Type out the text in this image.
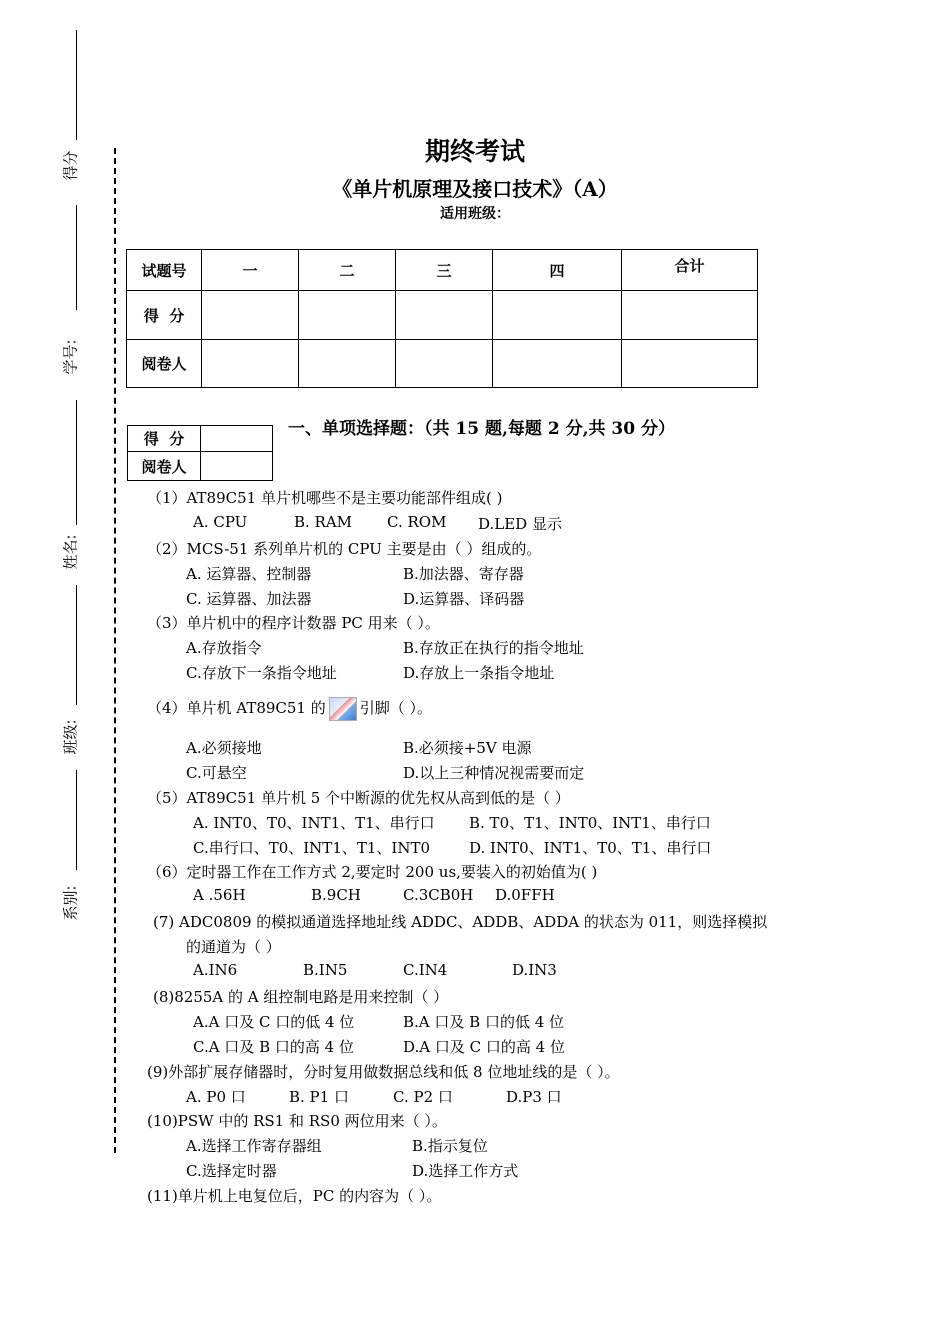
得分
学号:
姓名:
班级:
系别:
期终考试
《单片机原理及接口技术》（A）
适用班级：
试题号	一	二	三	四	合计
得  分					
阅卷人					
得  分	
阅卷人	
一、单项选择题：（共 15 题,每题 2 分,共 30 分）
（1）AT89C51 单片机哪些不是主要功能部件组成( )
A. CPU	B. RAM C. ROM D.LED 显示
（2）MCS-51 系列单片机的 CPU 主要是由（ ）组成的。
A. 运算器、控制器	B.加法器、寄存器
C. 运算器、加法器	D.运算器、译码器
（3）单片机中的程序计数器 PC 用来（ ）。
A.存放指令	B.存放正在执行的指令地址
C.存放下一条指令地址	D.存放上一条指令地址
（4）单片机 AT89C51 的 引脚（ ）。
A.必须接地	B.必须接+5V 电源
C.可悬空	D.以上三种情况视需要而定
（5）AT89C51 单片机 5 个中断源的优先权从高到低的是（ ）
A. INT0、T0、INT1、T1、串行口 B. T0、T1、INT0、INT1、串行口
C.串行口、T0、INT1、T1、INT0	D. INT0、INT1、T0、T1、串行口
（6）定时器工作在工作方式 2,要定时 200 us,要装入的初始值为( )
A .56H	B.9CH	C.3CB0H D.0FFH
(7) ADC0809 的模拟通道选择地址线 ADDC、ADDB、ADDA 的状态为 011，则选择模拟
的通道为（ ）
A.IN6	B.IN5	C.IN4	D.IN3
(8)8255A 的 A 组控制电路是用来控制（ ）
A.A 口及 C 口的低 4 位	B.A 口及 B 口的低 4 位
C.A 口及 B 口的高 4 位	D.A 口及 C 口的高 4 位
(9)外部扩展存储器时，分时复用做数据总线和低 8 位地址线的是（ ）。
A. P0 口	B. P1 口	C. P2 口	D.P3 口
(10)PSW 中的 RS1 和 RS0 两位用来（ ）。
A.选择工作寄存器组	B.指示复位
C.选择定时器	D.选择工作方式
(11)单片机上电复位后，PC 的内容为（ ）。
